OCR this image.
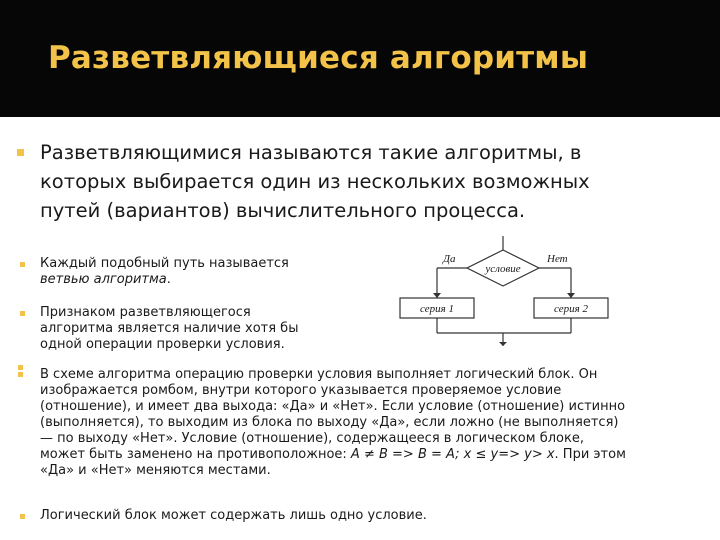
Разветвляющиеся алгоритмы
Разветвляющимися называются такие алгоритмы, в
которых выбирается один из нескольких возможных
путей (вариантов) вычислительного процесса.
Каждый подобный путь называется
ветвью алгоритма.
Признаком разветвляющегося
алгоритма является наличие хотя бы
одной операции проверки условия.
В схеме алгоритма операцию проверки условия выполняет логический блок. Он
изображается ромбом, внутри которого указывается проверяемое условие
(отношение), и имеет два выхода: «Да» и «Нет». Если условие (отношение) истинно
(выполняется), то выходим из блока по выходу «Да», если ложно (не выполняется)
— по выходу «Нет». Условие (отношение), содержащееся в логическом блоке,
может быть заменено на противоположное: A ≠ B => B = A; x ≤ y=> y> x. При этом
«Да» и «Нет» меняются местами.
Логический блок может содержать лишь одно условие.
Да	Нет
условие
серия 1	серия 2
